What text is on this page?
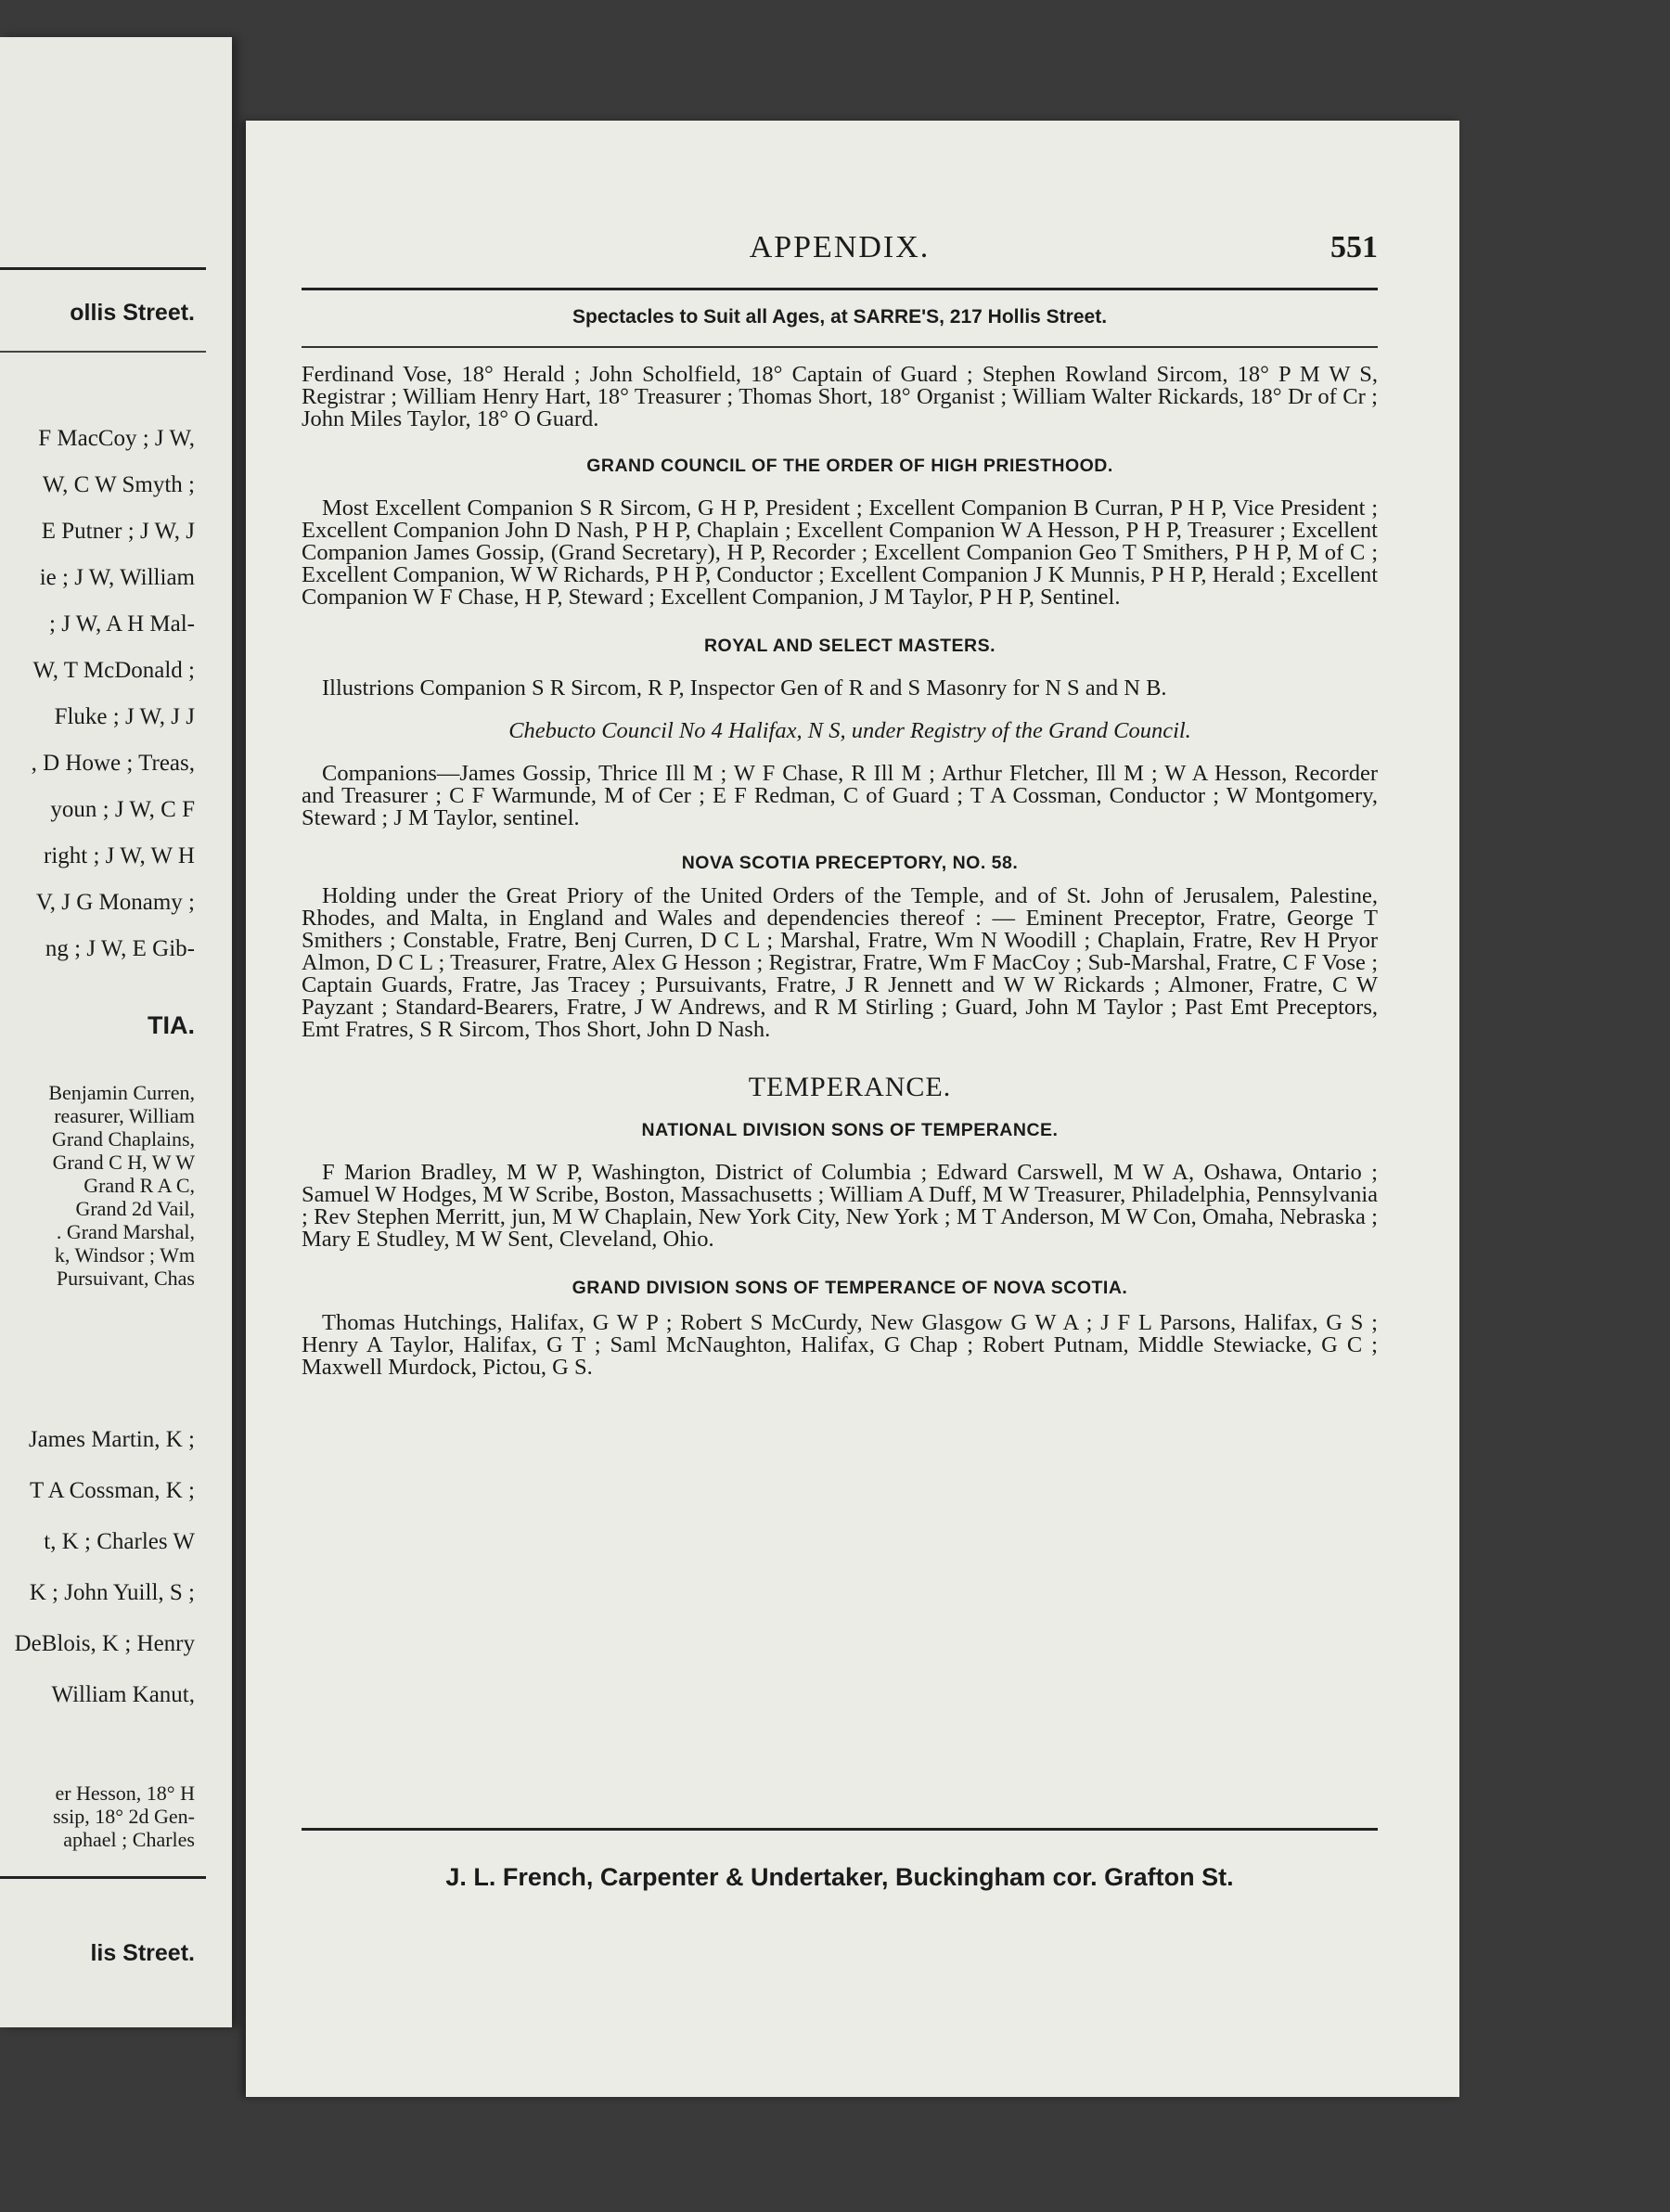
ollis Street.
F MacCoy ; J W,
W, C W Smyth ;
E Putner ; J W, J
ie ; J W, William
; J W, A H Mal-
W, T McDonald ;
Fluke ; J W, J J
, D Howe ; Treas,
youn ; J W, C F
right ; J W, W H
V, J G Monamy ;
ng ; J W, E Gib-
TIA.
Benjamin Curren,
reasurer, William
Grand Chaplains,
Grand C H, W W
Grand R A C,
Grand 2d Vail,
. Grand Marshal,
k, Windsor ; Wm
Pursuivant, Chas
James Martin, K ;
T A Cossman, K ;
t, K ; Charles W
K ; John Yuill, S ;
DeBlois, K ; Henry
William Kanut,
er Hesson, 18° H
ssip, 18° 2d Gen-
aphael ; Charles
lis Street.
APPENDIX.	551
Spectacles to Suit all Ages, at SARRE'S, 217 Hollis Street.

Ferdinand Vose, 18° Herald ; John Scholfield, 18° Captain of Guard ; Stephen Rowland Sircom, 18° P M W S, Registrar ; William Henry Hart, 18° Treasurer ; Thomas Short, 18° Organist ; William Walter Rickards, 18° Dr of Cr ; John Miles Taylor, 18° O Guard.

GRAND COUNCIL OF THE ORDER OF HIGH PRIESTHOOD.

Most Excellent Companion S R Sircom, G H P, President ; Excellent Companion B Curran, P H P, Vice President ; Excellent Companion John D Nash, P H P, Chaplain ; Excellent Companion W A Hesson, P H P, Treasurer ; Excellent Companion James Gossip, (Grand Secretary), H P, Recorder ; Excellent Companion Geo T Smithers, P H P, M of C ; Excellent Companion, W W Richards, P H P, Conductor ; Excellent Companion J K Munnis, P H P, Herald ; Excellent Companion W F Chase, H P, Steward ; Excellent Companion, J M Taylor, P H P, Sentinel.

ROYAL AND SELECT MASTERS.

Illustrions Companion S R Sircom, R P, Inspector Gen of R and S Masonry for N S and N B.

Chebucto Council No 4 Halifax, N S, under Registry of the Grand Council.

Companions—James Gossip, Thrice Ill M ; W F Chase, R Ill M ; Arthur Fletcher, Ill M ; W A Hesson, Recorder and Treasurer ; C F Warmunde, M of Cer ; E F Redman, C of Guard ; T A Cossman, Conductor ; W Montgomery, Steward ; J M Taylor, sentinel.

NOVA SCOTIA PRECEPTORY, NO. 58.

Holding under the Great Priory of the United Orders of the Temple, and of St. John of Jerusalem, Palestine, Rhodes, and Malta, in England and Wales and dependencies thereof : — Eminent Preceptor, Fratre, George T Smithers ; Constable, Fratre, Benj Curren, D C L ; Marshal, Fratre, Wm N Woodill ; Chaplain, Fratre, Rev H Pryor Almon, D C L ; Treasurer, Fratre, Alex G Hesson ; Registrar, Fratre, Wm F MacCoy ; Sub-Marshal, Fratre, C F Vose ; Captain Guards, Fratre, Jas Tracey ; Pursuivants, Fratre, J R Jennett and W W Rickards ; Almoner, Fratre, C W Payzant ; Standard-Bearers, Fratre, J W Andrews, and R M Stirling ; Guard, John M Taylor ; Past Emt Preceptors, Emt Fratres, S R Sircom, Thos Short, John D Nash.

TEMPERANCE.

NATIONAL DIVISION SONS OF TEMPERANCE.

F Marion Bradley, M W P, Washington, District of Columbia ; Edward Carswell, M W A, Oshawa, Ontario ; Samuel W Hodges, M W Scribe, Boston, Massachusetts ; William A Duff, M W Treasurer, Philadelphia, Pennsylvania ; Rev Stephen Merritt, jun, M W Chaplain, New York City, New York ; M T Anderson, M W Con, Omaha, Nebraska ; Mary E Studley, M W Sent, Cleveland, Ohio.

GRAND DIVISION SONS OF TEMPERANCE OF NOVA SCOTIA.

Thomas Hutchings, Halifax, G W P ; Robert S McCurdy, New Glasgow G W A ; J F L Parsons, Halifax, G S ; Henry A Taylor, Halifax, G T ; Saml McNaughton, Halifax, G Chap ; Robert Putnam, Middle Stewiacke, G C ; Maxwell Murdock, Pictou, G S.

J. L. French, Carpenter & Undertaker, Buckingham cor. Grafton St.
